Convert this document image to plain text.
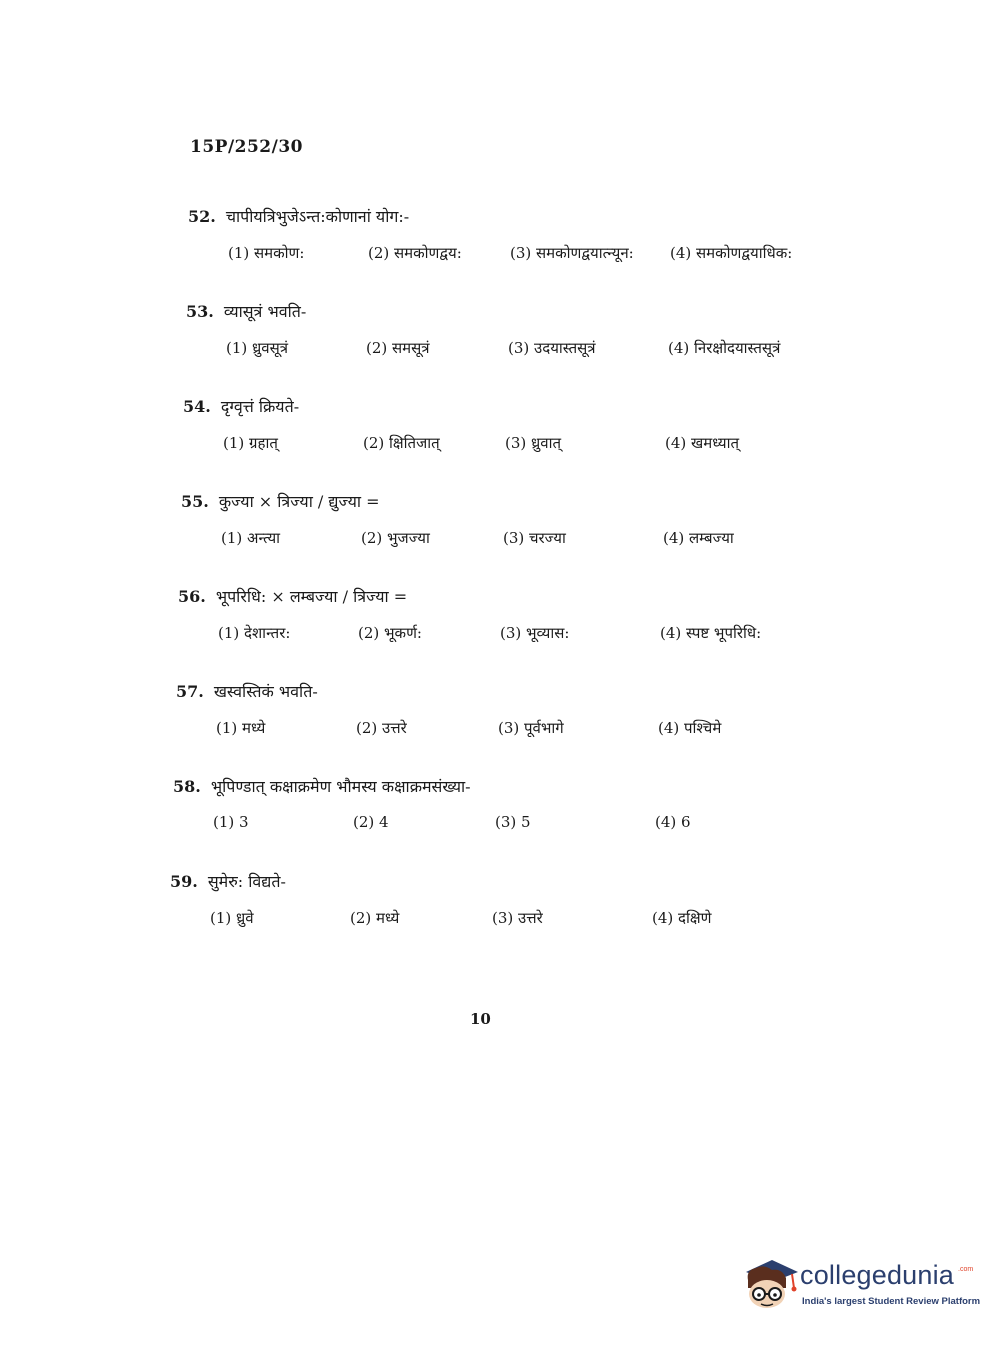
15P/252/30
52. चापीयत्रिभुजेऽन्त:कोणानां योग:-
(1) समकोण:	(2) समकोणद्वय:	(3) समकोणद्वयात्न्यून: (4) समकोणद्वयाधिक:
53. व्यासूत्रं भवति-
(1) ध्रुवसूत्रं	(2) समसूत्रं	(3) उदयास्तसूत्रं	(4) निरक्षोदयास्तसूत्रं
54. दृग्वृत्तं क्रियते-
(1) ग्रहात्	(2) क्षितिजात्	(3) ध्रुवात्	(4) खमध्यात्
55. कुज्या × त्रिज्या / द्युज्या =
(1) अन्त्या	(2) भुजज्या	(3) चरज्या	(4) लम्बज्या
56. भूपरिधि: × लम्बज्या / त्रिज्या =
(1) देशान्तर:	(2) भूकर्ण:	(3) भूव्यास:	(4) स्पष्ट भूपरिधि:
57. खस्वस्तिकं भवति-
(1) मध्ये	(2) उत्तरे	(3) पूर्वभागे	(4) पश्चिमे
58. भूपिण्डात् कक्षाक्रमेण भौमस्य कक्षाक्रमसंख्या-
(1) 3	(2) 4	(3) 5	(4) 6
59. सुमेरु: विद्यते-
(1) ध्रुवे	(2) मध्ये	(3) उत्तरे	(4) दक्षिणे
10
collegedunia .com
India's largest Student Review Platform
